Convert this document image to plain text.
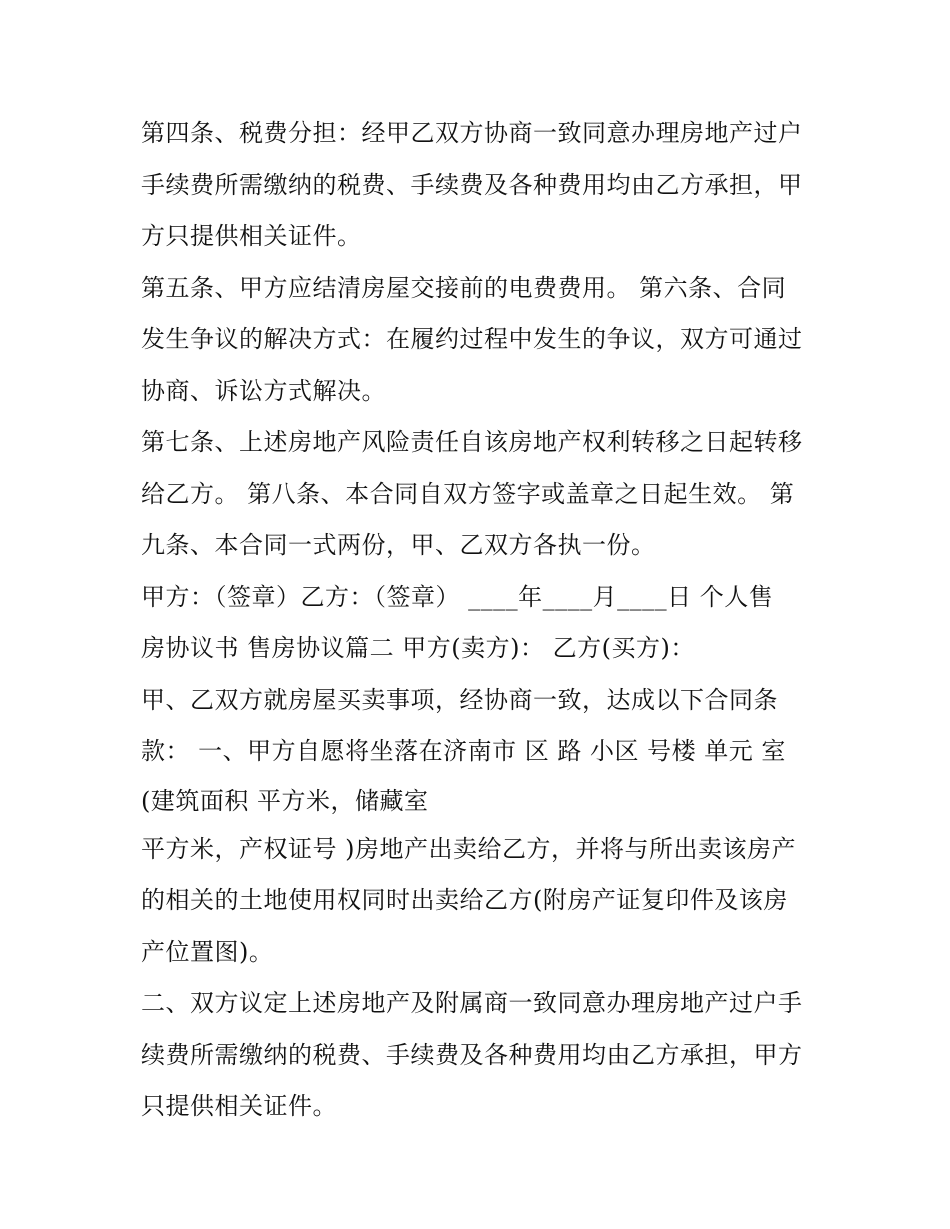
第四条、税费分担：经甲乙双方协商一致同意办理房地产过户
手续费所需缴纳的税费、手续费及各种费用均由乙方承担，甲
方只提供相关证件。
第五条、甲方应结清房屋交接前的电费费用。 第六条、合同
发生争议的解决方式：在履约过程中发生的争议，双方可通过
协商、诉讼方式解决。
第七条、上述房地产风险责任自该房地产权利转移之日起转移
给乙方。 第八条、本合同自双方签字或盖章之日起生效。 第
九条、本合同一式两份，甲、乙双方各执一份。
甲方：（签章）乙方：（签章） ____年____月____日 个人售
房协议书 售房协议篇二 甲方(卖方)： 乙方(买方)：
甲、乙双方就房屋买卖事项，经协商一致，达成以下合同条
款： 一、甲方自愿将坐落在济南市 区 路 小区 号楼 单元 室
(建筑面积 平方米，储藏室
平方米，产权证号 )房地产出卖给乙方，并将与所出卖该房产
的相关的土地使用权同时出卖给乙方(附房产证复印件及该房
产位置图)。
二、双方议定上述房地产及附属商一致同意办理房地产过户手
续费所需缴纳的税费、手续费及各种费用均由乙方承担，甲方
只提供相关证件。
